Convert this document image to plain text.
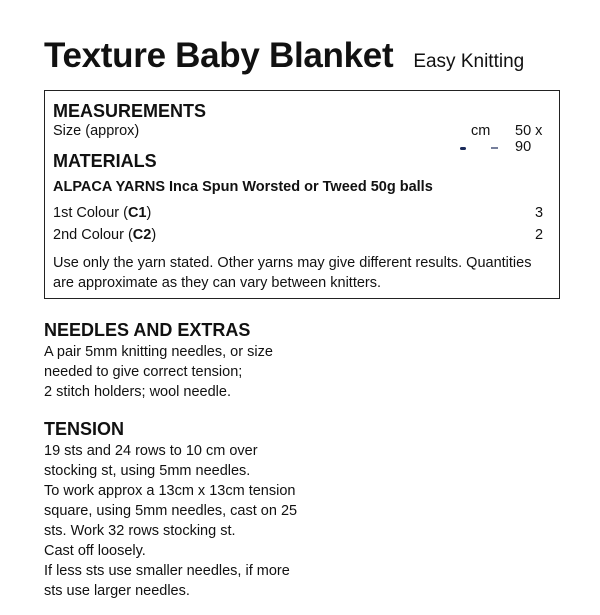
Texture Baby Blanket Easy Knitting
MEASUREMENTS
Size (approx)	cm 50 x 90
MATERIALS
ALPACA YARNS Inca Spun Worsted or Tweed 50g balls
1st Colour (C1)	3
2nd Colour (C2)	2
Use only the yarn stated. Other yarns may give different results. Quantities
are approximate as they can vary between knitters.
NEEDLES AND EXTRAS
A pair 5mm knitting needles, or size
needed to give correct tension;
2 stitch holders; wool needle.
TENSION
19 sts and 24 rows to 10 cm over
stocking st, using 5mm needles.
To work approx a 13cm x 13cm tension
square, using 5mm needles, cast on 25
sts. Work 32 rows stocking st.
Cast off loosely.
If less sts use smaller needles, if more
sts use larger needles.
